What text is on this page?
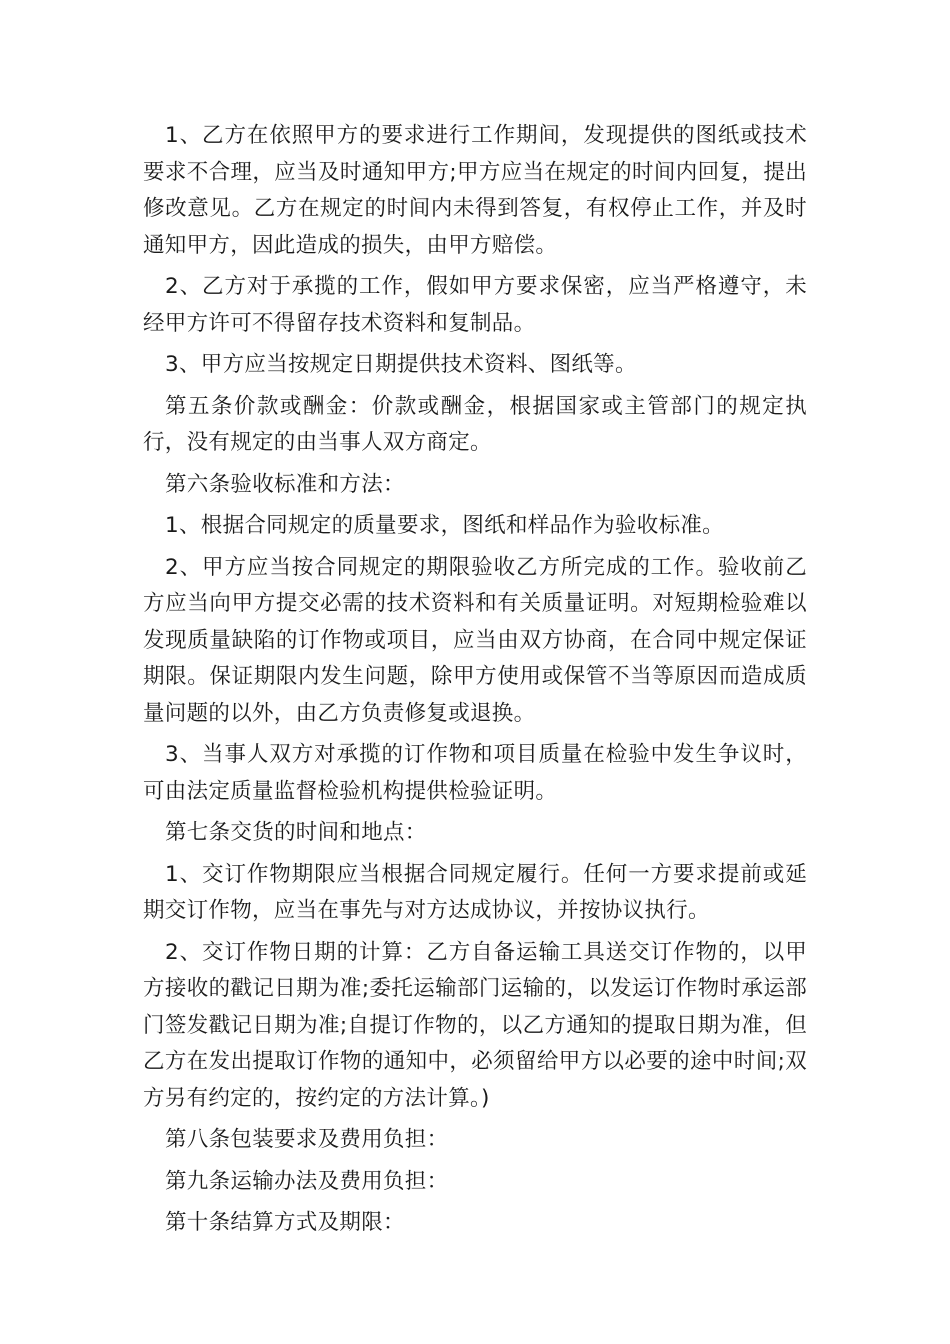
1、乙方在依照甲方的要求进行工作期间，发现提供的图纸或技术要求不合理，应当及时通知甲方;甲方应当在规定的时间内回复，提出修改意见。乙方在规定的时间内未得到答复，有权停止工作，并及时通知甲方，因此造成的损失，由甲方赔偿。

2、乙方对于承揽的工作，假如甲方要求保密，应当严格遵守，未经甲方许可不得留存技术资料和复制品。

3、甲方应当按规定日期提供技术资料、图纸等。

第五条价款或酬金：价款或酬金，根据国家或主管部门的规定执行，没有规定的由当事人双方商定。

第六条验收标准和方法：

1、根据合同规定的质量要求，图纸和样品作为验收标准。

2、甲方应当按合同规定的期限验收乙方所完成的工作。验收前乙方应当向甲方提交必需的技术资料和有关质量证明。对短期检验难以发现质量缺陷的订作物或项目，应当由双方协商，在合同中规定保证期限。保证期限内发生问题，除甲方使用或保管不当等原因而造成质量问题的以外，由乙方负责修复或退换。

3、当事人双方对承揽的订作物和项目质量在检验中发生争议时，可由法定质量监督检验机构提供检验证明。

第七条交货的时间和地点：

1、交订作物期限应当根据合同规定履行。任何一方要求提前或延期交订作物，应当在事先与对方达成协议，并按协议执行。

2、交订作物日期的计算：乙方自备运输工具送交订作物的，以甲方接收的戳记日期为准;委托运输部门运输的，以发运订作物时承运部门签发戳记日期为准;自提订作物的，以乙方通知的提取日期为准，但乙方在发出提取订作物的通知中，必须留给甲方以必要的途中时间;双方另有约定的，按约定的方法计算。)

第八条包装要求及费用负担：

第九条运输办法及费用负担：

第十条结算方式及期限：
